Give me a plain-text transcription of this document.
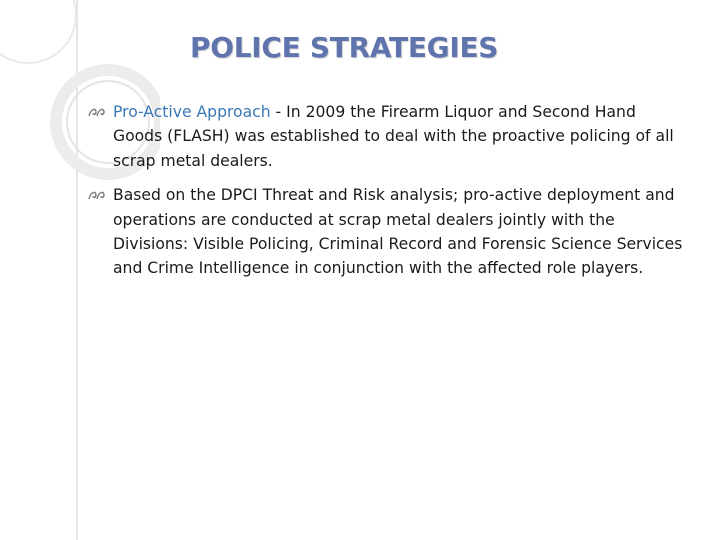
POLICE STRATEGIES
Pro-Active Approach - In 2009 the Firearm Liquor and Second Hand Goods (FLASH) was established to deal with the proactive policing of all scrap metal dealers.
Based on the DPCI Threat and Risk analysis; pro-active deployment and operations are conducted at scrap metal dealers jointly with the Divisions: Visible Policing, Criminal Record and Forensic Science Services and Crime Intelligence in conjunction with the affected role players.
